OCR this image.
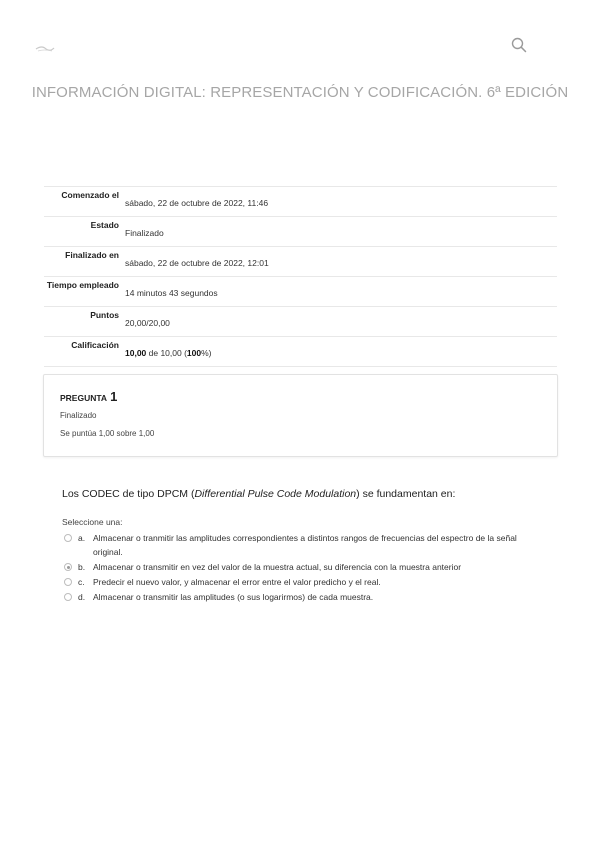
INFORMACIÓN DIGITAL: REPRESENTACIÓN Y CODIFICACIÓN. 6ª EDICIÓN
Comenzado el
sábado, 22 de octubre de 2022, 11:46
Estado
Finalizado
Finalizado en
sábado, 22 de octubre de 2022, 12:01
Tiempo empleado
14 minutos 43 segundos
Puntos
20,00/20,00
Calificación
10,00 de 10,00 (100%)
PREGUNTA 1
Finalizado
Se puntúa 1,00 sobre 1,00
Los CODEC de tipo DPCM (Differential Pulse Code Modulation) se fundamentan en:
Seleccione una:
a. Almacenar o tranmitir las amplitudes correspondientes a distintos rangos de frecuencias del espectro de la señal original.
b. Almacenar o transmitir en vez del valor de la muestra actual, su diferencia con la muestra anterior
c. Predecir el nuevo valor, y almacenar el error entre el valor predicho y el real.
d. Almacenar o transmitir las amplitudes (o sus logarirmos) de cada muestra.
